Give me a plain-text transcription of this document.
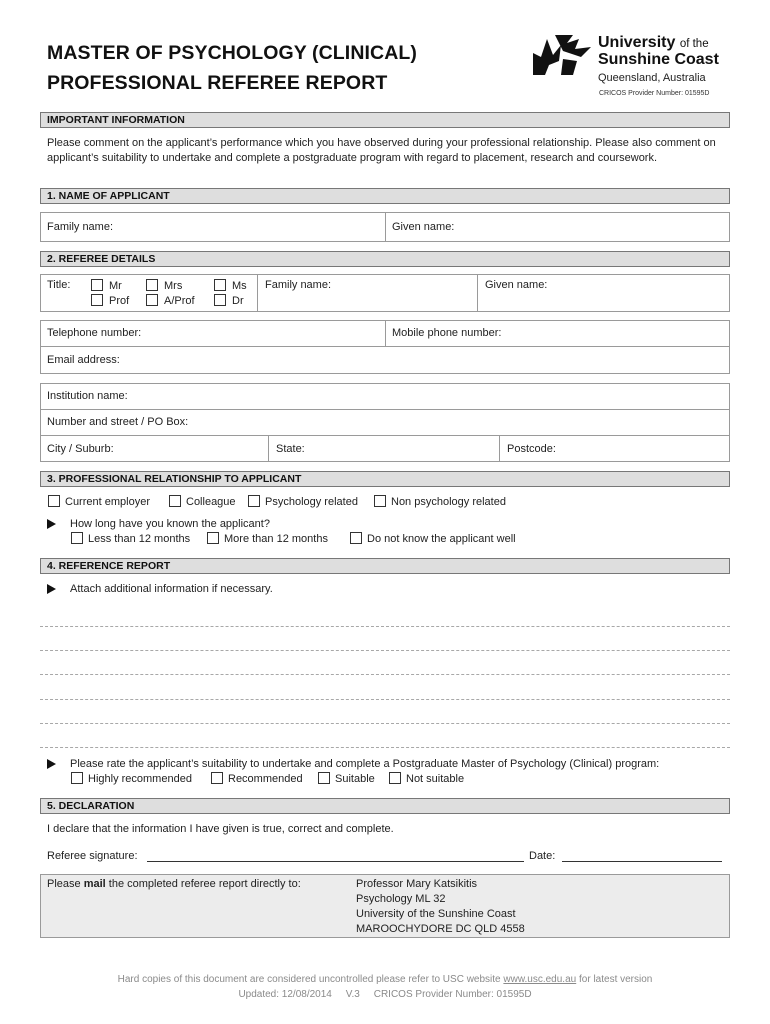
MASTER OF PSYCHOLOGY (CLINICAL)
PROFESSIONAL REFEREE REPORT
University of the
Sunshine Coast
Queensland, Australia
CRICOS Provider Number: 01595D
IMPORTANT INFORMATION
Please comment on the applicant’s performance which you have observed during your professional relationship. Please also comment on applicant’s suitability to undertake and complete a postgraduate program with regard to placement, research and coursework.
1. NAME OF APPLICANT
Family name:	Given name:
2. REFEREE DETAILS
Title:	Mr	Mrs	Ms
Prof	A/Prof	Dr
Family name:	Given name:
Telephone number:	Mobile phone number:
Email address:
Institution name:
Number and street / PO Box:
City / Suburb:	State:	Postcode:
3. PROFESSIONAL RELATIONSHIP TO APPLICANT
Current employer	Colleague	Psychology related	Non psychology related
How long have you known the applicant?
Less than 12 months	More than 12 months	Do not know the applicant well
4. REFERENCE REPORT
Attach additional information if necessary.
Please rate the applicant’s suitability to undertake and complete a Postgraduate Master of Psychology (Clinical) program:
Highly recommended	Recommended	Suitable	Not suitable
5. DECLARATION
I declare that the information I have given is true, correct and complete.
Referee signature:	Date:
Please mail the completed referee report directly to:	Professor Mary Katsikitis
Psychology ML 32
University of the Sunshine Coast
MAROOCHYDORE DC QLD 4558
Hard copies of this document are considered uncontrolled please refer to USC website www.usc.edu.au for latest version
Updated: 12/08/2014     V.3     CRICOS Provider Number: 01595D
